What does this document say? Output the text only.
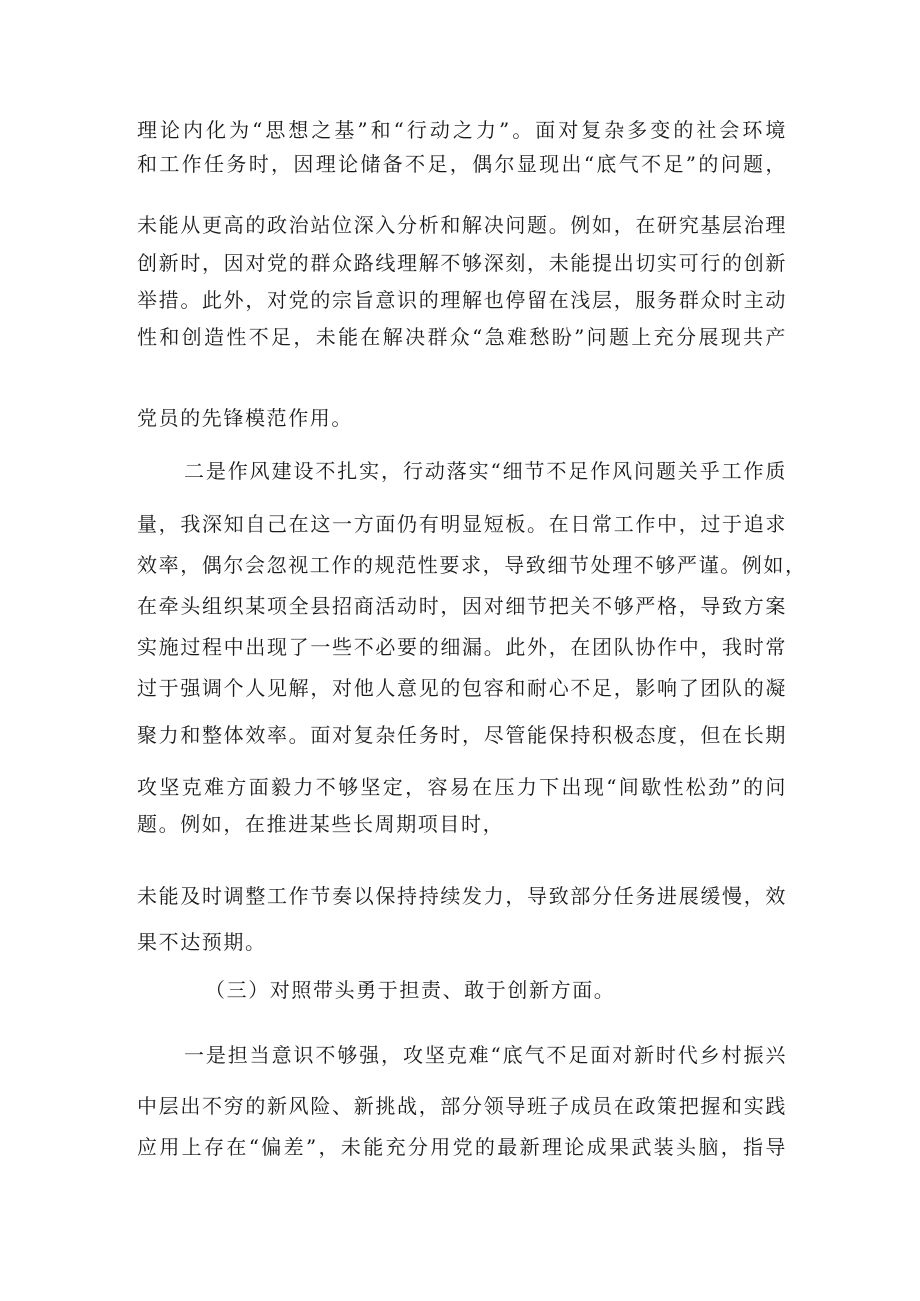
理论内化为“思想之基”和“行动之力”。面对复杂多变的社会环境
和工作任务时，因理论储备不足，偶尔显现出“底气不足”的问题，
未能从更高的政治站位深入分析和解决问题。例如，在研究基层治理
创新时，因对党的群众路线理解不够深刻，未能提出切实可行的创新
举措。此外，对党的宗旨意识的理解也停留在浅层，服务群众时主动
性和创造性不足，未能在解决群众“急难愁盼”问题上充分展现共产
党员的先锋模范作用。
二是作风建设不扎实，行动落实“细节不足作风问题关乎工作质
量，我深知自己在这一方面仍有明显短板。在日常工作中，过于追求
效率，偶尔会忽视工作的规范性要求，导致细节处理不够严谨。例如，
在牵头组织某项全县招商活动时，因对细节把关不够严格，导致方案
实施过程中出现了一些不必要的细漏。此外，在团队协作中，我时常
过于强调个人见解，对他人意见的包容和耐心不足，影响了团队的凝
聚力和整体效率。面对复杂任务时，尽管能保持积极态度，但在长期
攻坚克难方面毅力不够坚定，容易在压力下出现“间歇性松劲”的问
题。例如，在推进某些长周期项目时，
未能及时调整工作节奏以保持持续发力，导致部分任务进展缓慢，效
果不达预期。
（三）对照带头勇于担责、敢于创新方面。
一是担当意识不够强，攻坚克难“底气不足面对新时代乡村振兴
中层出不穷的新风险、新挑战，部分领导班子成员在政策把握和实践
应用上存在“偏差”，未能充分用党的最新理论成果武装头脑，指导
